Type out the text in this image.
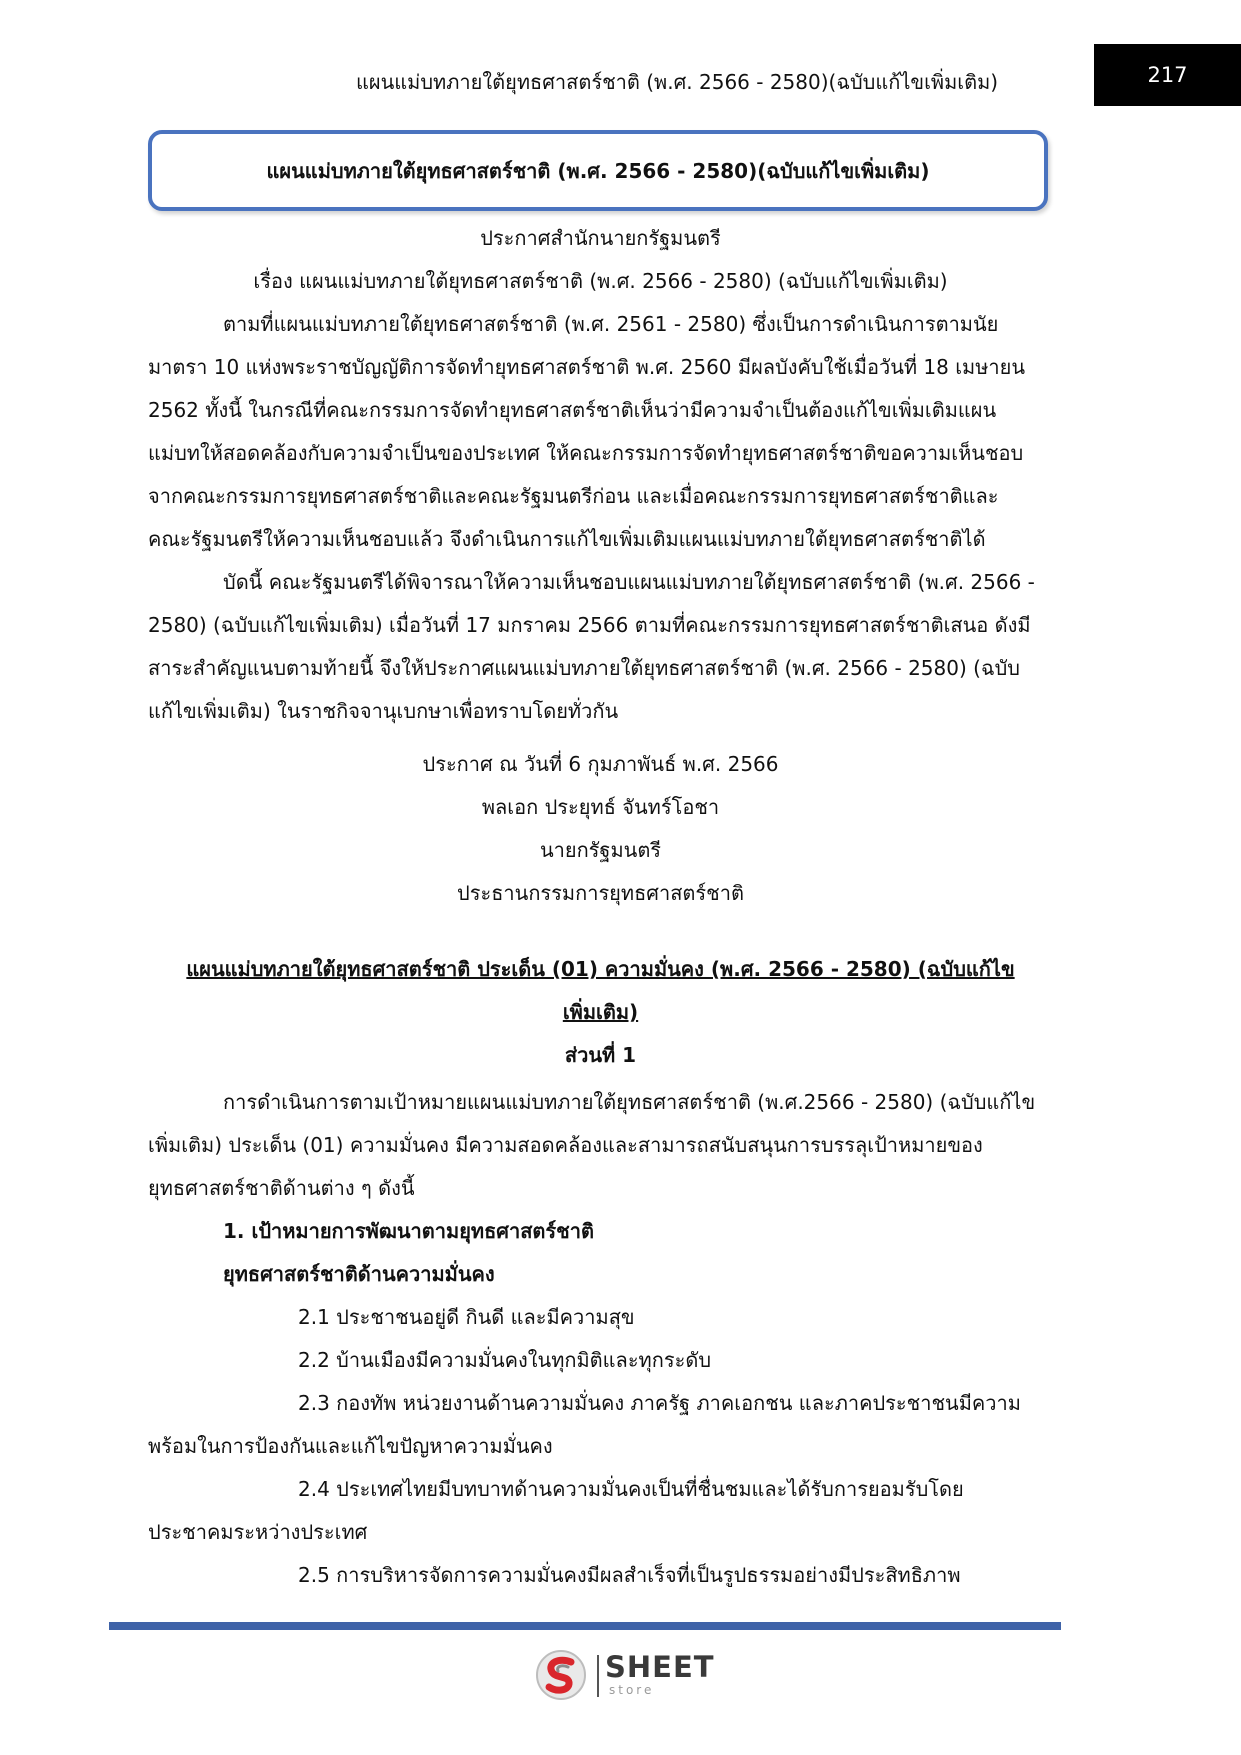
แผนแม่บทภายใต้ยุทธศาสตร์ชาติ (พ.ศ. 2566 - 2580)(ฉบับแก้ไขเพิ่มเติม)	217
แผนแม่บทภายใต้ยุทธศาสตร์ชาติ (พ.ศ. 2566 - 2580)(ฉบับแก้ไขเพิ่มเติม)
ประกาศสำนักนายกรัฐมนตรี
เรื่อง แผนแม่บทภายใต้ยุทธศาสตร์ชาติ (พ.ศ. 2566 - 2580) (ฉบับแก้ไขเพิ่มเติม)
ตามที่แผนแม่บทภายใต้ยุทธศาสตร์ชาติ (พ.ศ. 2561 - 2580) ซึ่งเป็นการดำเนินการตามนัย
มาตรา 10 แห่งพระราชบัญญัติการจัดทำยุทธศาสตร์ชาติ พ.ศ. 2560 มีผลบังคับใช้เมื่อวันที่ 18 เมษายน
2562 ทั้งนี้ ในกรณีที่คณะกรรมการจัดทำยุทธศาสตร์ชาติเห็นว่ามีความจำเป็นต้องแก้ไขเพิ่มเติมแผน
แม่บทให้สอดคล้องกับความจำเป็นของประเทศ ให้คณะกรรมการจัดทำยุทธศาสตร์ชาติขอความเห็นชอบ
จากคณะกรรมการยุทธศาสตร์ชาติและคณะรัฐมนตรีก่อน และเมื่อคณะกรรมการยุทธศาสตร์ชาติและ
คณะรัฐมนตรีให้ความเห็นชอบแล้ว จึงดำเนินการแก้ไขเพิ่มเติมแผนแม่บทภายใต้ยุทธศาสตร์ชาติได้
บัดนี้ คณะรัฐมนตรีได้พิจารณาให้ความเห็นชอบแผนแม่บทภายใต้ยุทธศาสตร์ชาติ (พ.ศ. 2566 -
2580) (ฉบับแก้ไขเพิ่มเติม) เมื่อวันที่ 17 มกราคม 2566 ตามที่คณะกรรมการยุทธศาสตร์ชาติเสนอ ดังมี
สาระสำคัญแนบตามท้ายนี้ จึงให้ประกาศแผนแม่บทภายใต้ยุทธศาสตร์ชาติ (พ.ศ. 2566 - 2580) (ฉบับ
แก้ไขเพิ่มเติม) ในราชกิจจานุเบกษาเพื่อทราบโดยทั่วกัน
ประกาศ ณ วันที่ 6 กุมภาพันธ์ พ.ศ. 2566
พลเอก ประยุทธ์ จันทร์โอชา
นายกรัฐมนตรี
ประธานกรรมการยุทธศาสตร์ชาติ
แผนแม่บทภายใต้ยุทธศาสตร์ชาติ ประเด็น (01) ความมั่นคง (พ.ศ. 2566 - 2580) (ฉบับแก้ไข
เพิ่มเติม)
ส่วนที่ 1
การดำเนินการตามเป้าหมายแผนแม่บทภายใต้ยุทธศาสตร์ชาติ (พ.ศ.2566 - 2580) (ฉบับแก้ไข
เพิ่มเติม) ประเด็น (01) ความมั่นคง มีความสอดคล้องและสามารถสนับสนุนการบรรลุเป้าหมายของ
ยุทธศาสตร์ชาติด้านต่าง ๆ ดังนี้
1. เป้าหมายการพัฒนาตามยุทธศาสตร์ชาติ
ยุทธศาสตร์ชาติด้านความมั่นคง
2.1 ประชาชนอยู่ดี กินดี และมีความสุข
2.2 บ้านเมืองมีความมั่นคงในทุกมิติและทุกระดับ
2.3 กองทัพ หน่วยงานด้านความมั่นคง ภาครัฐ ภาคเอกชน และภาคประชาชนมีความ
พร้อมในการป้องกันและแก้ไขปัญหาความมั่นคง
2.4 ประเทศไทยมีบทบาทด้านความมั่นคงเป็นที่ชื่นชมและได้รับการยอมรับโดย
ประชาคมระหว่างประเทศ
2.5 การบริหารจัดการความมั่นคงมีผลสำเร็จที่เป็นรูปธรรมอย่างมีประสิทธิภาพ
SHEET
store
